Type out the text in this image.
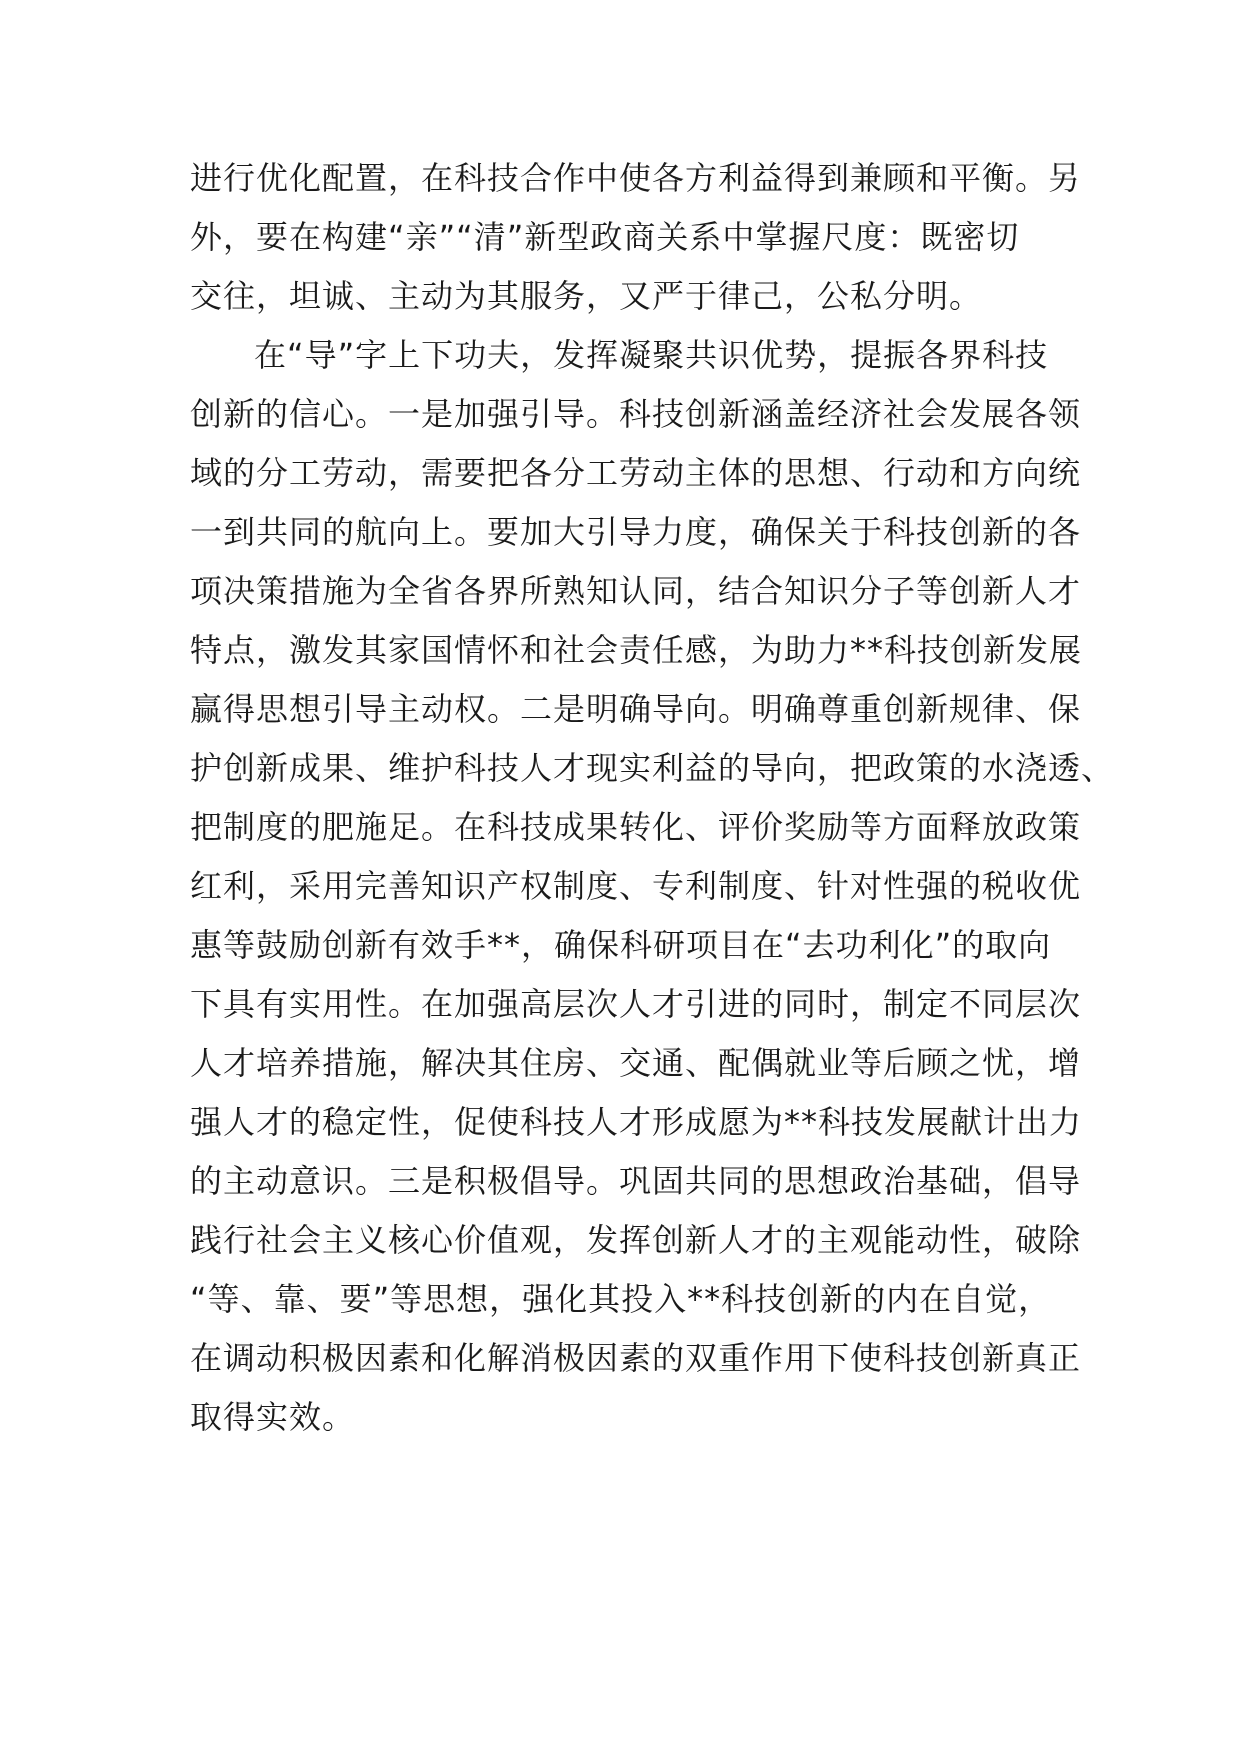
进行优化配置，在科技合作中使各方利益得到兼顾和平衡。另
外，要在构建“亲”“清”新型政商关系中掌握尺度：既密切
交往，坦诚、主动为其服务，又严于律己，公私分明。
在“导”字上下功夫，发挥凝聚共识优势，提振各界科技
创新的信心。一是加强引导。科技创新涵盖经济社会发展各领
域的分工劳动，需要把各分工劳动主体的思想、行动和方向统
一到共同的航向上。要加大引导力度，确保关于科技创新的各
项决策措施为全省各界所熟知认同，结合知识分子等创新人才
特点，激发其家国情怀和社会责任感，为助力**科技创新发展
赢得思想引导主动权。二是明确导向。明确尊重创新规律、保
护创新成果、维护科技人才现实利益的导向，把政策的水浇透、
把制度的肥施足。在科技成果转化、评价奖励等方面释放政策
红利，采用完善知识产权制度、专利制度、针对性强的税收优
惠等鼓励创新有效手**，确保科研项目在“去功利化”的取向
下具有实用性。在加强高层次人才引进的同时，制定不同层次
人才培养措施，解决其住房、交通、配偶就业等后顾之忧，增
强人才的稳定性，促使科技人才形成愿为**科技发展献计出力
的主动意识。三是积极倡导。巩固共同的思想政治基础，倡导
践行社会主义核心价值观，发挥创新人才的主观能动性，破除
“等、靠、要”等思想，强化其投入**科技创新的内在自觉，
在调动积极因素和化解消极因素的双重作用下使科技创新真正
取得实效。
